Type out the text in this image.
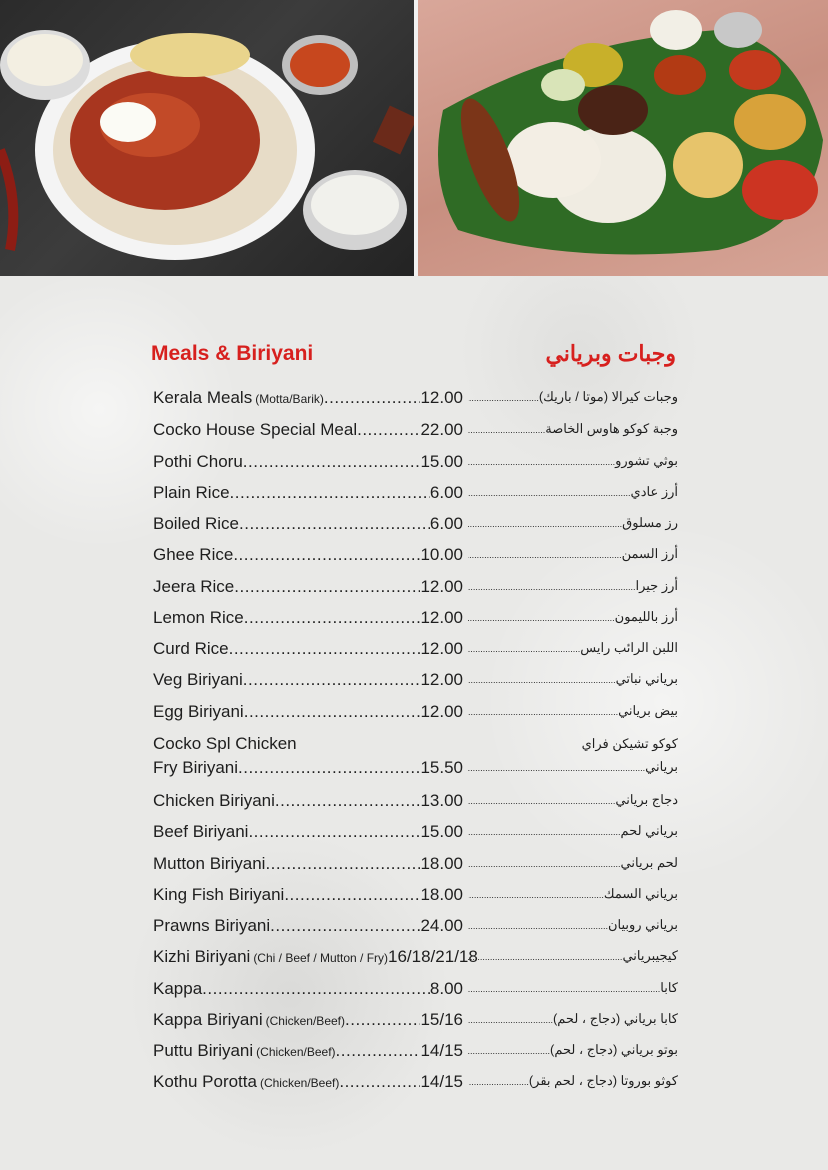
Meals & Biriyani	وجبات وبرياني
Kerala Meals (Motta/Barik) .....	12.00	وجبات كيرالا (موتا / باريك)
.....
Cocko House Special Meal .....	22.00	وجبة كوكو هاوس الخاصة
.....
Pothi Choru .....	15.00	بوثي تشورو
.....
Plain Rice .....	6.00	أرز عادي
.....
Boiled Rice .....	6.00	رز مسلوق
.....
Ghee Rice .....	10.00	أرز السمن
.....
Jeera Rice .....	12.00	أرز جيرا
.....
Lemon Rice .....	12.00	أرز بالليمون
.....
Curd Rice .....	12.00	اللبن الرائب رايس
.....
Veg Biriyani .....	12.00	برياني نباتي
.....
Egg Biriyani .....	12.00	بيض برياني
.....
Cocko Spl Chicken	كوكو تشيكن فراي
Fry Biriyani .....	15.50	برياني
.....
Chicken Biriyani .....	13.00	دجاج برياني
.....
Beef Biriyani .....	15.00	برياني لحم
.....
Mutton Biriyani .....	18.00	لحم برياني
.....
King Fish Biriyani .....	18.00	برياني السمك
.....
Prawns Biriyani .....	24.00	برياني روبيان
.....
Kizhi Biriyani (Chi / Beef / Mutton / Fry) 16/18/21/18	كيجيبرياني
.....
Kappa .....	8.00	كابا
.....
Kappa Biriyani (Chicken/Beef) .....	15/16	كابا برياني (دجاج ، لحم)
.....
Puttu Biriyani (Chicken/Beef) .....	14/15	بوتو برياني (دجاج ، لحم)
.....
Kothu Porotta (Chicken/Beef) .....	14/15	كوثو بوروتا (دجاج ، لحم بقر)
.....
